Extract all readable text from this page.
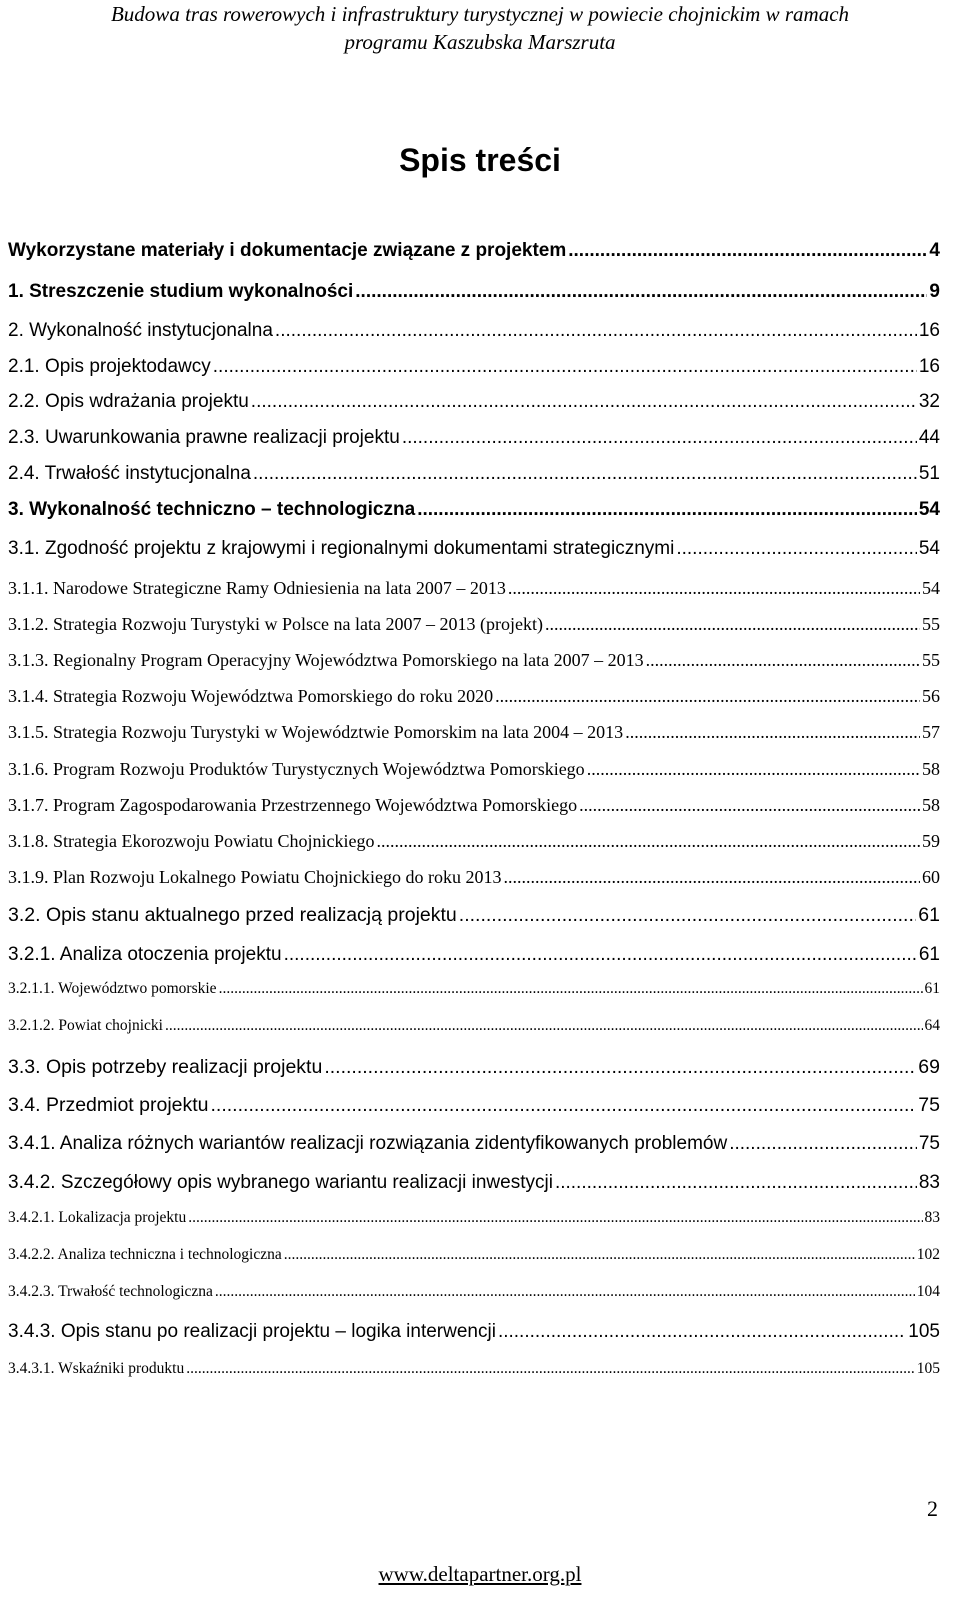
Budowa tras rowerowych i infrastruktury turystycznej w powiecie chojnickim w ramach
programu Kaszubska Marszruta
Spis treści
Wykorzystane materiały i dokumentacje związane z projektem .....	4
1. Streszczenie studium wykonalności .....	9
2. Wykonalność instytucjonalna .....	16
2.1. Opis projektodawcy .....	16
2.2. Opis wdrażania projektu .....	32
2.3. Uwarunkowania prawne realizacji projektu .....	44
2.4. Trwałość instytucjonalna .....	51
3. Wykonalność techniczno – technologiczna .....	54
3.1. Zgodność projektu z krajowymi i regionalnymi dokumentami strategicznymi .....	54
3.1.1. Narodowe Strategiczne Ramy Odniesienia na lata 2007 – 2013 .....	54
3.1.2. Strategia Rozwoju Turystyki w Polsce na lata 2007 – 2013 (projekt) .....	55
3.1.3. Regionalny Program Operacyjny Województwa Pomorskiego na lata 2007 – 2013 .....	55
3.1.4. Strategia Rozwoju Województwa Pomorskiego do roku 2020 .....	56
3.1.5. Strategia Rozwoju Turystyki w Województwie Pomorskim na lata 2004 – 2013 .....	57
3.1.6. Program Rozwoju Produktów Turystycznych Województwa Pomorskiego .....	58
3.1.7. Program Zagospodarowania Przestrzennego Województwa Pomorskiego .....	58
3.1.8. Strategia Ekorozwoju Powiatu Chojnickiego .....	59
3.1.9. Plan Rozwoju Lokalnego Powiatu Chojnickiego do roku 2013 .....	60
3.2. Opis stanu aktualnego przed realizacją projektu .....	61
3.2.1. Analiza otoczenia projektu .....	61
3.2.1.1. Województwo pomorskie .....	61
3.2.1.2. Powiat chojnicki .....	64
3.3. Opis potrzeby realizacji projektu .....	69
3.4. Przedmiot projektu .....	75
3.4.1. Analiza różnych wariantów realizacji rozwiązania zidentyfikowanych problemów .....	75
3.4.2. Szczegółowy opis wybranego wariantu realizacji inwestycji .....	83
3.4.2.1. Lokalizacja projektu .....	83
3.4.2.2. Analiza techniczna i technologiczna .....	102
3.4.2.3. Trwałość technologiczna .....	104
3.4.3. Opis stanu po realizacji projektu – logika interwencji .....	105
3.4.3.1. Wskaźniki produktu .....	105
2
www.deltapartner.org.pl
